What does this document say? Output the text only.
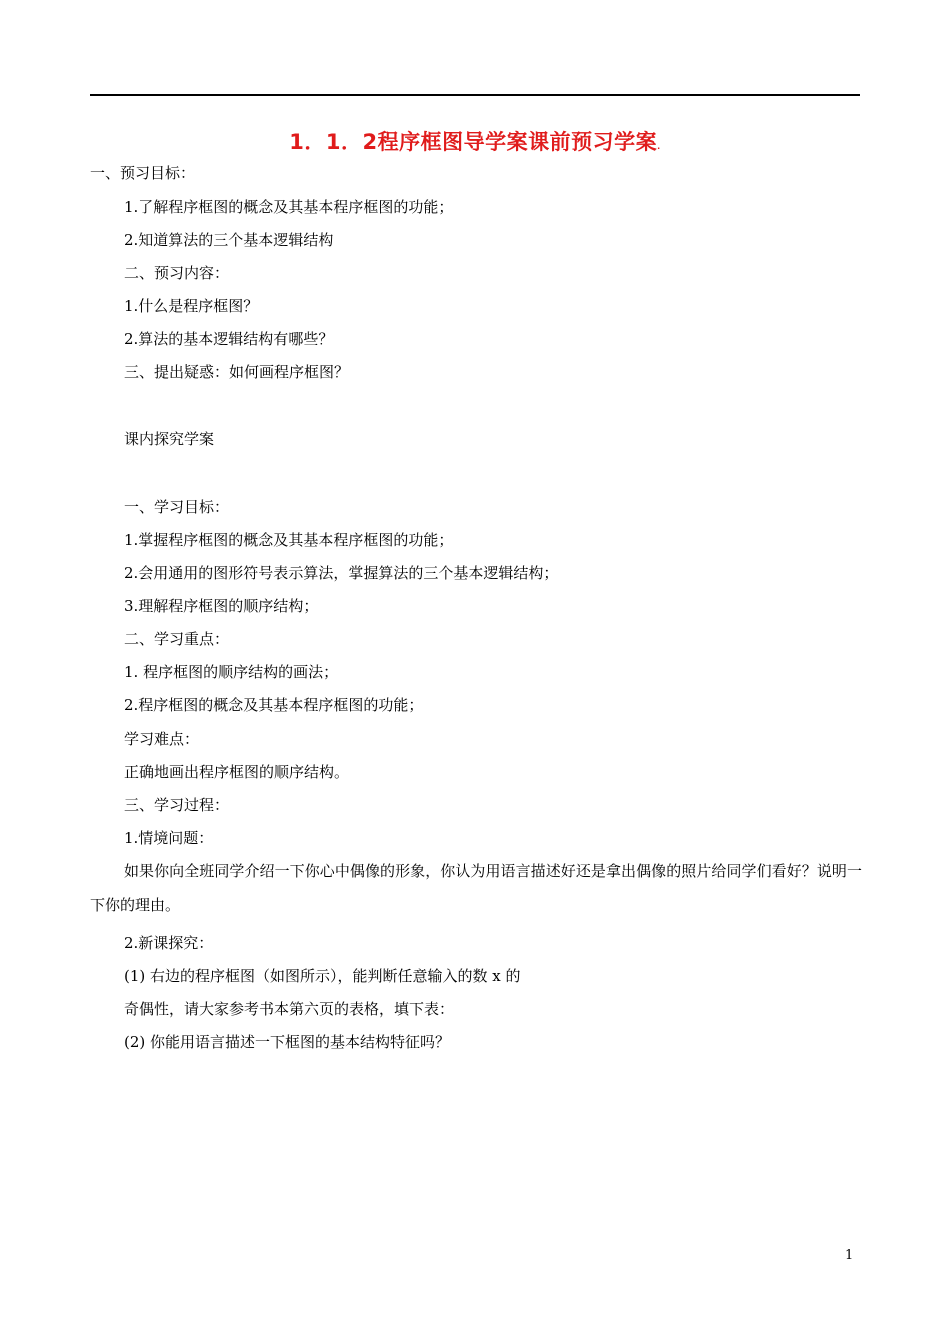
1．1．2程序框图导学案课前预习学案.
一、预习目标：
1.了解程序框图的概念及其基本程序框图的功能；
2.知道算法的三个基本逻辑结构
二、预习内容：
1.什么是程序框图？
2.算法的基本逻辑结构有哪些？
三、提出疑惑：如何画程序框图？
课内探究学案
一、学习目标：
1.掌握程序框图的概念及其基本程序框图的功能；
2.会用通用的图形符号表示算法，掌握算法的三个基本逻辑结构；
3.理解程序框图的顺序结构；
二、学习重点：
1. 程序框图的顺序结构的画法；
2.程序框图的概念及其基本程序框图的功能；
学习难点：
正确地画出程序框图的顺序结构。
三、学习过程：
1.情境问题：
如果你向全班同学介绍一下你心中偶像的形象，你认为用语言描述好还是拿出偶像的照片给同学们看好？说明一下你的理由。
2.新课探究：
(1) 右边的程序框图（如图所示），能判断任意输入的数 x 的
奇偶性，请大家参考书本第六页的表格，填下表：
(2) 你能用语言描述一下框图的基本结构特征吗？
1
